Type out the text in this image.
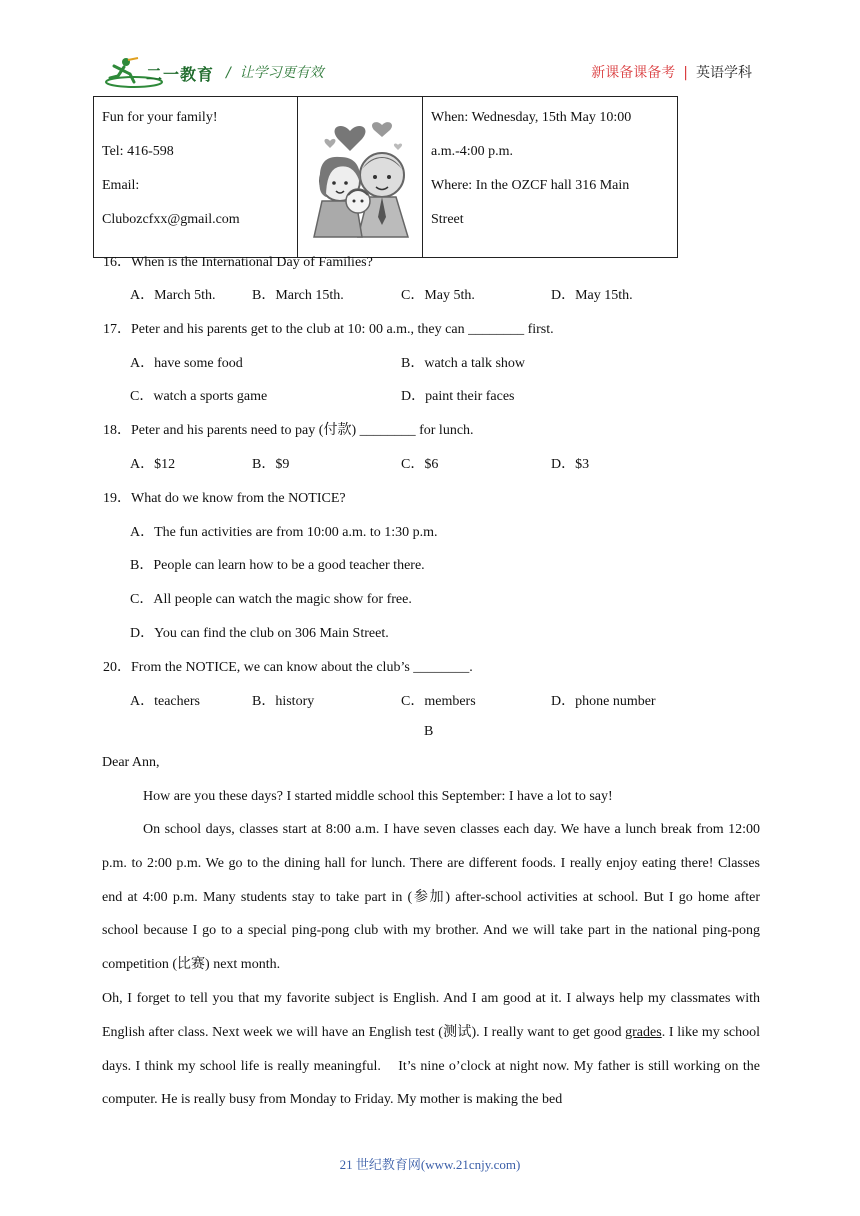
二一教育 /  让学习更有效	新课备课备考 | 英语学科
Fun for your family!
Tel: 416-598
Email:
Clubozcfxx@gmail.com

When: Wednesday, 15th May 10:00
a.m.-4:00 p.m.
Where: In the OZCF hall 316 Main
Street
16．When is the International Day of Families?
A．March 5th.	B．March 15th.	C．May 5th.	D．May 15th.
17．Peter and his parents get to the club at 10: 00 a.m., they can ________ first.
A．have some food	B．watch a talk show
C．watch a sports game	D．paint their faces
18．Peter and his parents need to pay (付款) ________ for lunch.
A．$12	B．$9	C．$6	D．$3
19．What do we know from the NOTICE?
A．The fun activities are from 10:00 a.m. to 1:30 p.m.
B．People can learn how to be a good teacher there.
C．All people can watch the magic show for free.
D．You can find the club on 306 Main Street.
20．From the NOTICE, we can know about the club’s ________.
A．teachers	B．history	C．members	D．phone number
B
Dear Ann,
How are you these days? I started middle school this September: I have a lot to say!
On school days, classes start at 8:00 a.m. I have seven classes each day. We have a lunch break from 12:00 p.m. to 2:00 p.m. We go to the dining hall for lunch. There are different foods. I really enjoy eating there! Classes end at 4:00 p.m. Many students stay to take part in (参加) after-school activities at school. But I go home after school because I go to a special ping-pong club with my brother. And we will take part in the national ping-pong competition (比赛) next month.
Oh, I forget to tell you that my favorite subject is English. And I am good at it. I always help my classmates with English after class. Next week we will have an English test (测试). I really want to get good grades. I like my school days. I think my school life is really meaningful.    It’s nine o’clock at night now. My father is still working on the computer. He is really busy from Monday to Friday. My mother is making the bed
21 世纪教育网(www.21cnjy.com)
